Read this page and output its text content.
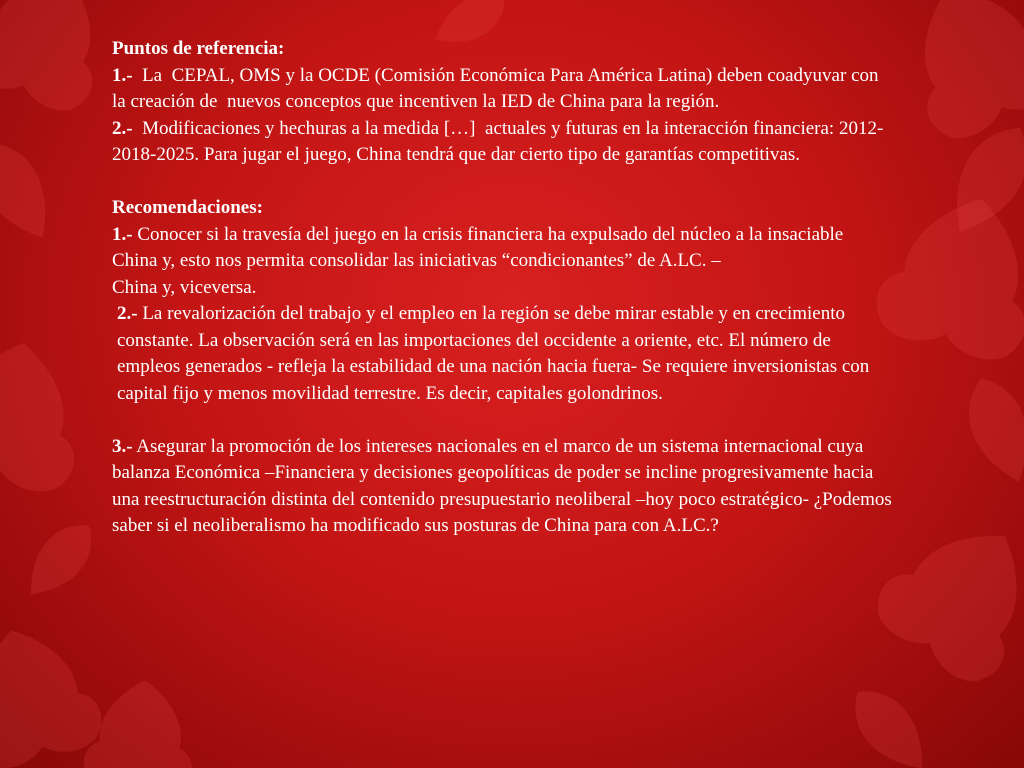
Puntos de referencia:

1.-  La  CEPAL, OMS y la OCDE (Comisión Económica Para América Latina) deben coadyuvar con la creación de  nuevos conceptos que incentiven la IED de China para la región.

2.-  Modificaciones y hechuras a la medida […]  actuales y futuras en la interacción financiera: 2012-2018-2025. Para jugar el juego, China tendrá que dar cierto tipo de garantías competitivas.

Recomendaciones:

1.- Conocer si la travesía del juego en la crisis financiera ha expulsado del núcleo a la insaciable China y, esto nos permita consolidar las iniciativas “condicionantes” de A.LC. –

China y, viceversa.

2.- La revalorización del trabajo y el empleo en la región se debe mirar estable y en crecimiento constante. La observación será en las importaciones del occidente a oriente, etc. El número de empleos generados - refleja la estabilidad de una nación hacia fuera- Se requiere inversionistas con capital fijo y menos movilidad terrestre. Es decir, capitales golondrinos.

3.- Asegurar la promoción de los intereses nacionales en el marco de un sistema internacional cuya balanza Económica –Financiera y decisiones geopolíticas de poder se incline progresivamente hacia una reestructuración distinta del contenido presupuestario neoliberal –hoy poco estratégico- ¿Podemos saber si el neoliberalismo ha modificado sus posturas de China para con A.LC.?
